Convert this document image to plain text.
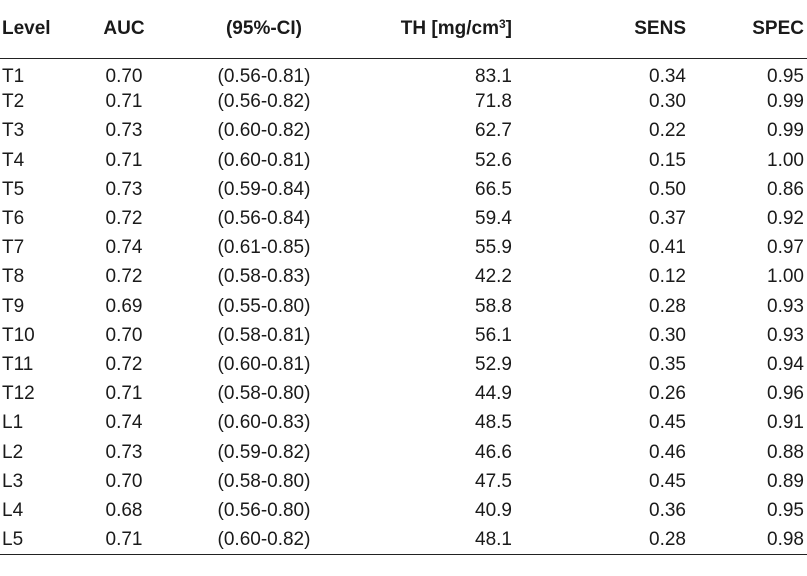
Level	AUC	(95%-CI)	TH $[mg/cm^3]$	SENS	SPEC
T1	0.70	(0.56-0.81)	83.1	0.34	0.95
T2	0.71	(0.56-0.82)	71.8	0.30	0.99
T3	0.73	(0.60-0.82)	62.7	0.22	0.99
T4	0.71	(0.60-0.81)	52.6	0.15	1.00
T5	0.73	(0.59-0.84)	66.5	0.50	0.86
T6	0.72	(0.56-0.84)	59.4	0.37	0.92
T7	0.74	(0.61-0.85)	55.9	0.41	0.97
T8	0.72	(0.58-0.83)	42.2	0.12	1.00
T9	0.69	(0.55-0.80)	58.8	0.28	0.93
T10	0.70	(0.58-0.81)	56.1	0.30	0.93
T11	0.72	(0.60-0.81)	52.9	0.35	0.94
T12	0.71	(0.58-0.80)	44.9	0.26	0.96
L1	0.74	(0.60-0.83)	48.5	0.45	0.91
L2	0.73	(0.59-0.82)	46.6	0.46	0.88
L3	0.70	(0.58-0.80)	47.5	0.45	0.89
L4	0.68	(0.56-0.80)	40.9	0.36	0.95
L5	0.71	(0.60-0.82)	48.1	0.28	0.98
